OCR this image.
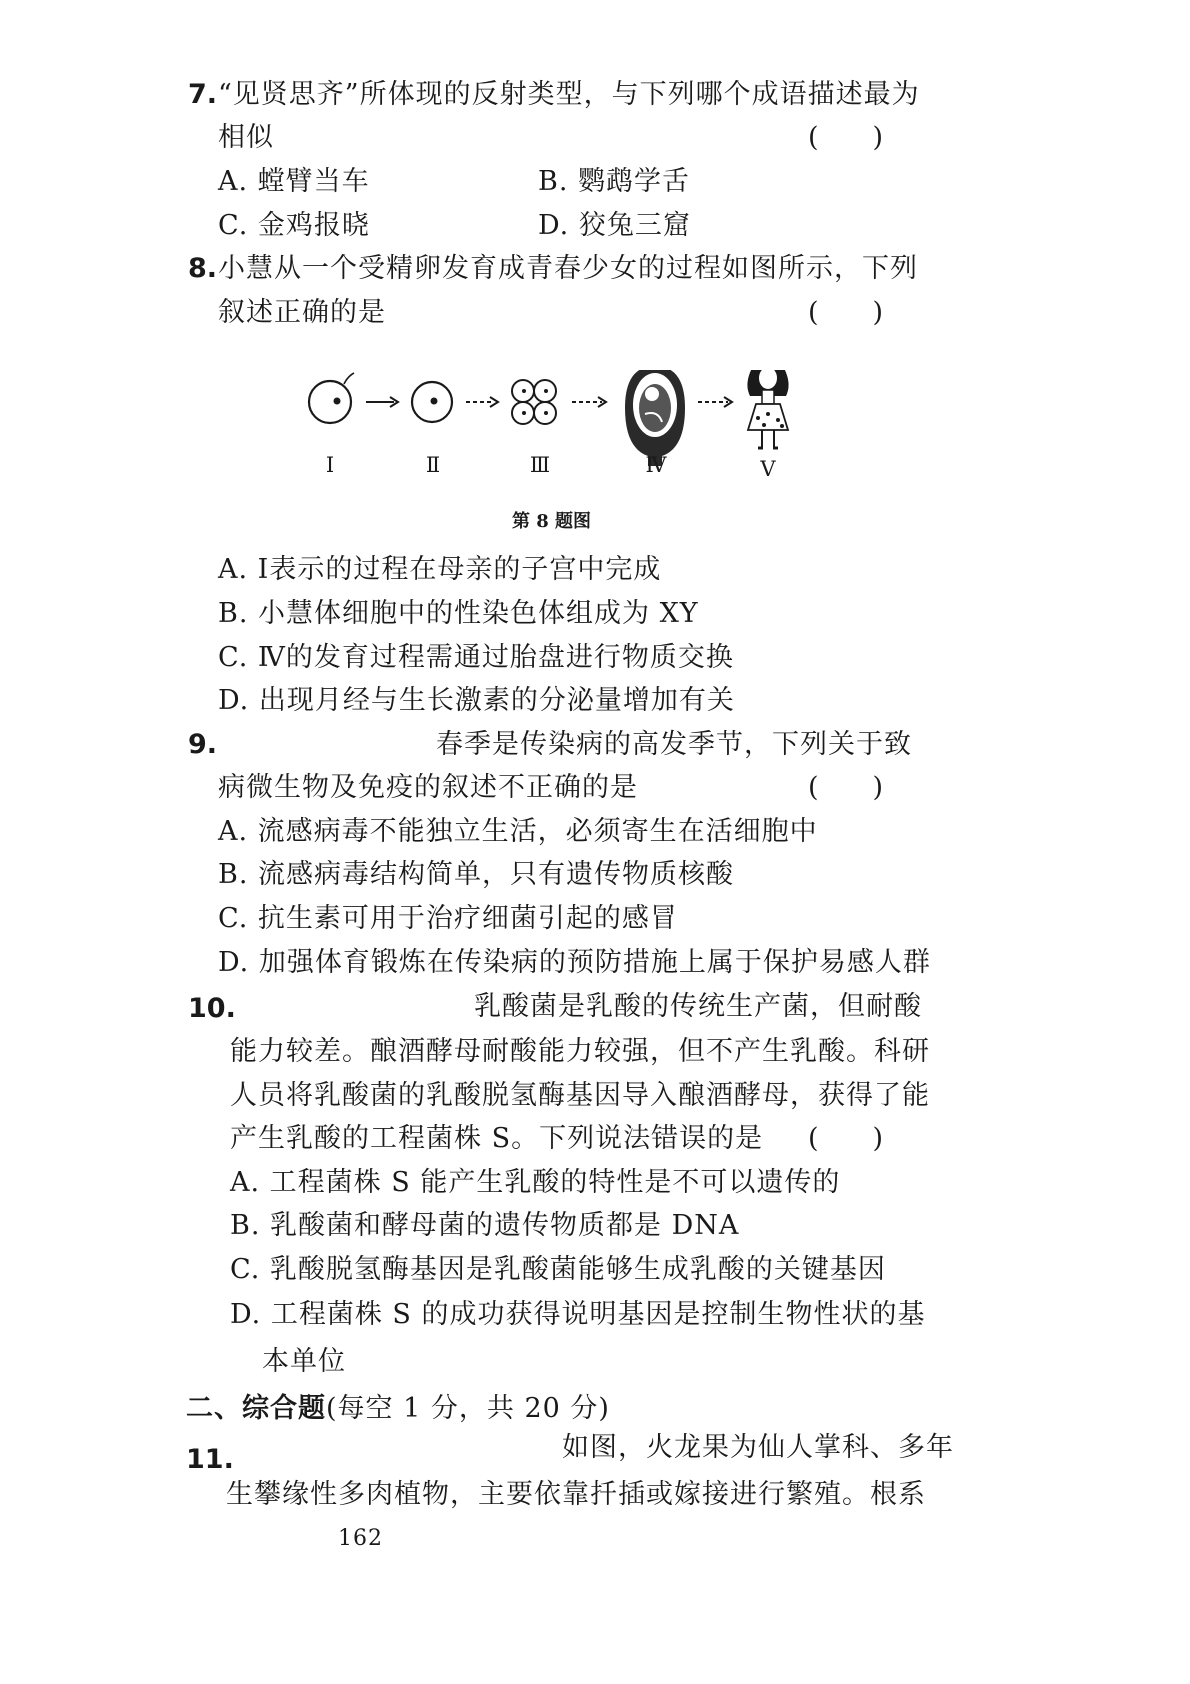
7. “见贤思齐”所体现的反射类型，与下列哪个成语描述最为
相似	(　　)
A. 螳臂当车	B. 鹦鹉学舌
C. 金鸡报晓	D. 狡兔三窟
8. 小慧从一个受精卵发育成青春少女的过程如图所示，下列
叙述正确的是	(　　)
Ⅰ	Ⅱ	Ⅲ	Ⅳ	Ⅴ
第 8 题图
A. Ⅰ表示的过程在母亲的子宫中完成
B. 小慧体细胞中的性染色体组成为 XY
C. Ⅳ的发育过程需通过胎盘进行物质交换
D. 出现月经与生长激素的分泌量增加有关
9.	春季是传染病的高发季节，下列关于致
病微生物及免疫的叙述不正确的是	(　　)
A. 流感病毒不能独立生活，必须寄生在活细胞中
B. 流感病毒结构简单，只有遗传物质核酸
C. 抗生素可用于治疗细菌引起的感冒
D. 加强体育锻炼在传染病的预防措施上属于保护易感人群
10.	乳酸菌是乳酸的传统生产菌，但耐酸
能力较差。酿酒酵母耐酸能力较强，但不产生乳酸。科研
人员将乳酸菌的乳酸脱氢酶基因导入酿酒酵母，获得了能
产生乳酸的工程菌株 S。下列说法错误的是 (　　)
A. 工程菌株 S 能产生乳酸的特性是不可以遗传的
B. 乳酸菌和酵母菌的遗传物质都是 DNA
C. 乳酸脱氢酶基因是乳酸菌能够生成乳酸的关键基因
D. 工程菌株 S 的成功获得说明基因是控制生物性状的基
本单位
二、综合题(每空 1 分，共 20 分)
11.	如图，火龙果为仙人掌科、多年
生攀缘性多肉植物，主要依靠扦插或嫁接进行繁殖。根系
162
